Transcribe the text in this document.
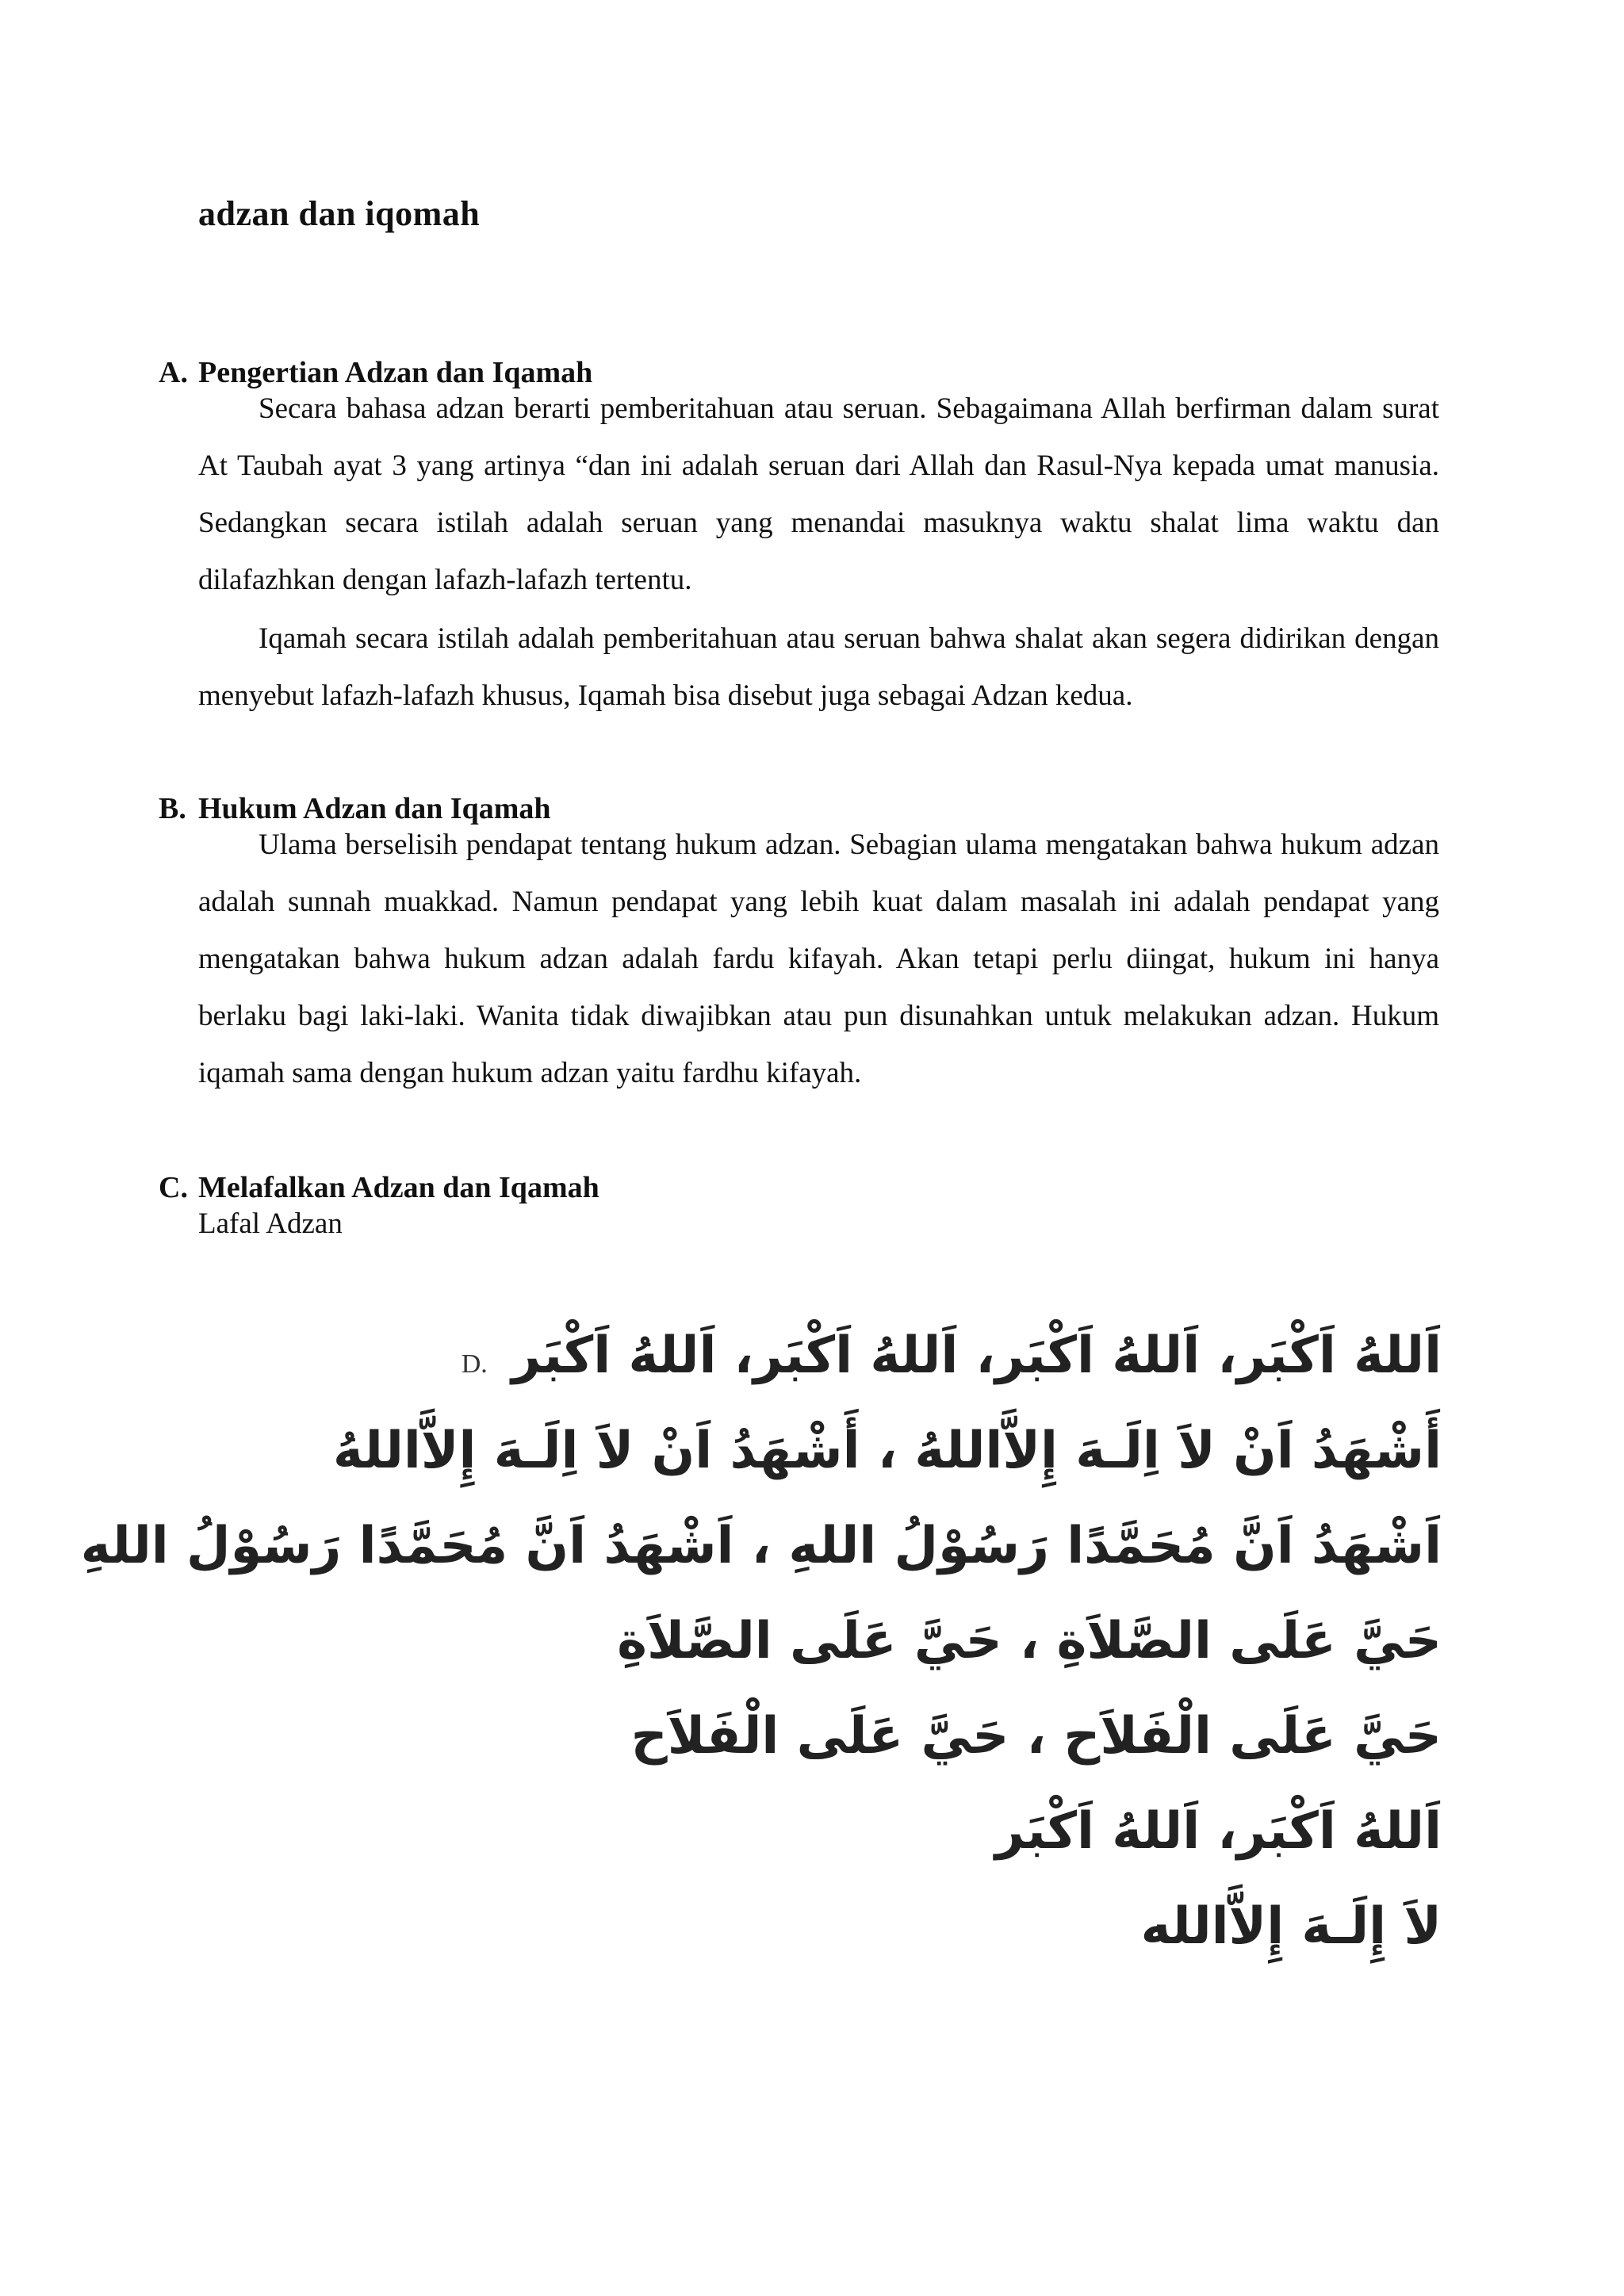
adzan dan iqomah
A. Pengertian Adzan dan Iqamah

Secara bahasa adzan berarti pemberitahuan atau seruan. Sebagaimana Allah berfirman dalam surat At Taubah ayat 3 yang artinya “dan ini adalah seruan dari Allah dan Rasul-Nya kepada umat manusia. Sedangkan secara istilah adalah seruan yang menandai masuknya waktu shalat lima waktu dan dilafazhkan dengan lafazh-lafazh tertentu.

Iqamah secara istilah adalah pemberitahuan atau seruan bahwa shalat akan segera didirikan dengan menyebut lafazh-lafazh khusus, Iqamah bisa disebut juga sebagai Adzan kedua.

B. Hukum Adzan dan Iqamah

Ulama berselisih pendapat tentang hukum adzan. Sebagian ulama mengatakan bahwa hukum adzan adalah sunnah muakkad. Namun pendapat yang lebih kuat dalam masalah ini adalah pendapat yang mengatakan bahwa hukum adzan adalah fardu kifayah. Akan tetapi perlu diingat, hukum ini hanya berlaku bagi laki-laki. Wanita tidak diwajibkan atau pun disunahkan untuk melakukan adzan. Hukum iqamah sama dengan hukum adzan yaitu fardhu kifayah.

C. Melafalkan Adzan dan Iqamah
Lafal Adzan
اَللهُ اَكْبَر، اَللهُ اَكْبَر، اَللهُ اَكْبَر، اَللهُ اَكْبَر D.
أَشْهَدُ اَنْ لاَ اِلَـهَ إِلاَّاللهُ ، أَشْهَدُ اَنْ لاَ اِلَـهَ إِلاَّاللهُ
اَشْهَدُ اَنَّ مُحَمَّدًا رَسُوْلُ اللهِ ، اَشْهَدُ اَنَّ مُحَمَّدًا رَسُوْلُ اللهِ
حَيَّ عَلَى الصَّلاَةِ ، حَيَّ عَلَى الصَّلاَةِ
حَيَّ عَلَى الْفَلاَح ، حَيَّ عَلَى الْفَلاَح
اَللهُ اَكْبَر، اَللهُ اَكْبَر
لاَ إِلَـهَ إِلاَّالله
